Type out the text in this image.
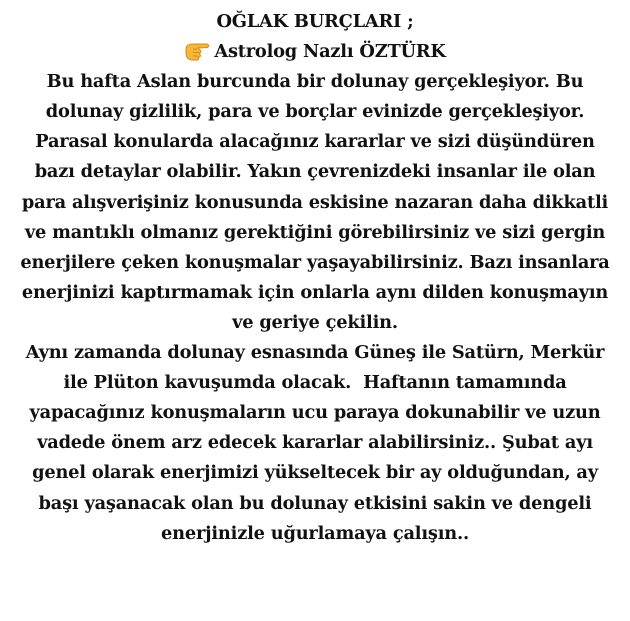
OĞLAK BURÇLARI ;
Astrolog Nazlı ÖZTÜRK
Bu hafta Aslan burcunda bir dolunay gerçekleşiyor. Bu
dolunay gizlilik, para ve borçlar evinizde gerçekleşiyor.
Parasal konularda alacağınız kararlar ve sizi düşündüren
bazı detaylar olabilir. Yakın çevrenizdeki insanlar ile olan
para alışverişiniz konusunda eskisine nazaran daha dikkatli
ve mantıklı olmanız gerektiğini görebilirsiniz ve sizi gergin
enerjilere çeken konuşmalar yaşayabilirsiniz. Bazı insanlara
enerjinizi kaptırmamak için onlarla aynı dilden konuşmayın
ve geriye çekilin.
Aynı zamanda dolunay esnasında Güneş ile Satürn, Merkür
ile Plüton kavuşumda olacak.  Haftanın tamamında
yapacağınız konuşmaların ucu paraya dokunabilir ve uzun
vadede önem arz edecek kararlar alabilirsiniz.. Şubat ayı
genel olarak enerjimizi yükseltecek bir ay olduğundan, ay
başı yaşanacak olan bu dolunay etkisini sakin ve dengeli
enerjinizle uğurlamaya çalışın..
